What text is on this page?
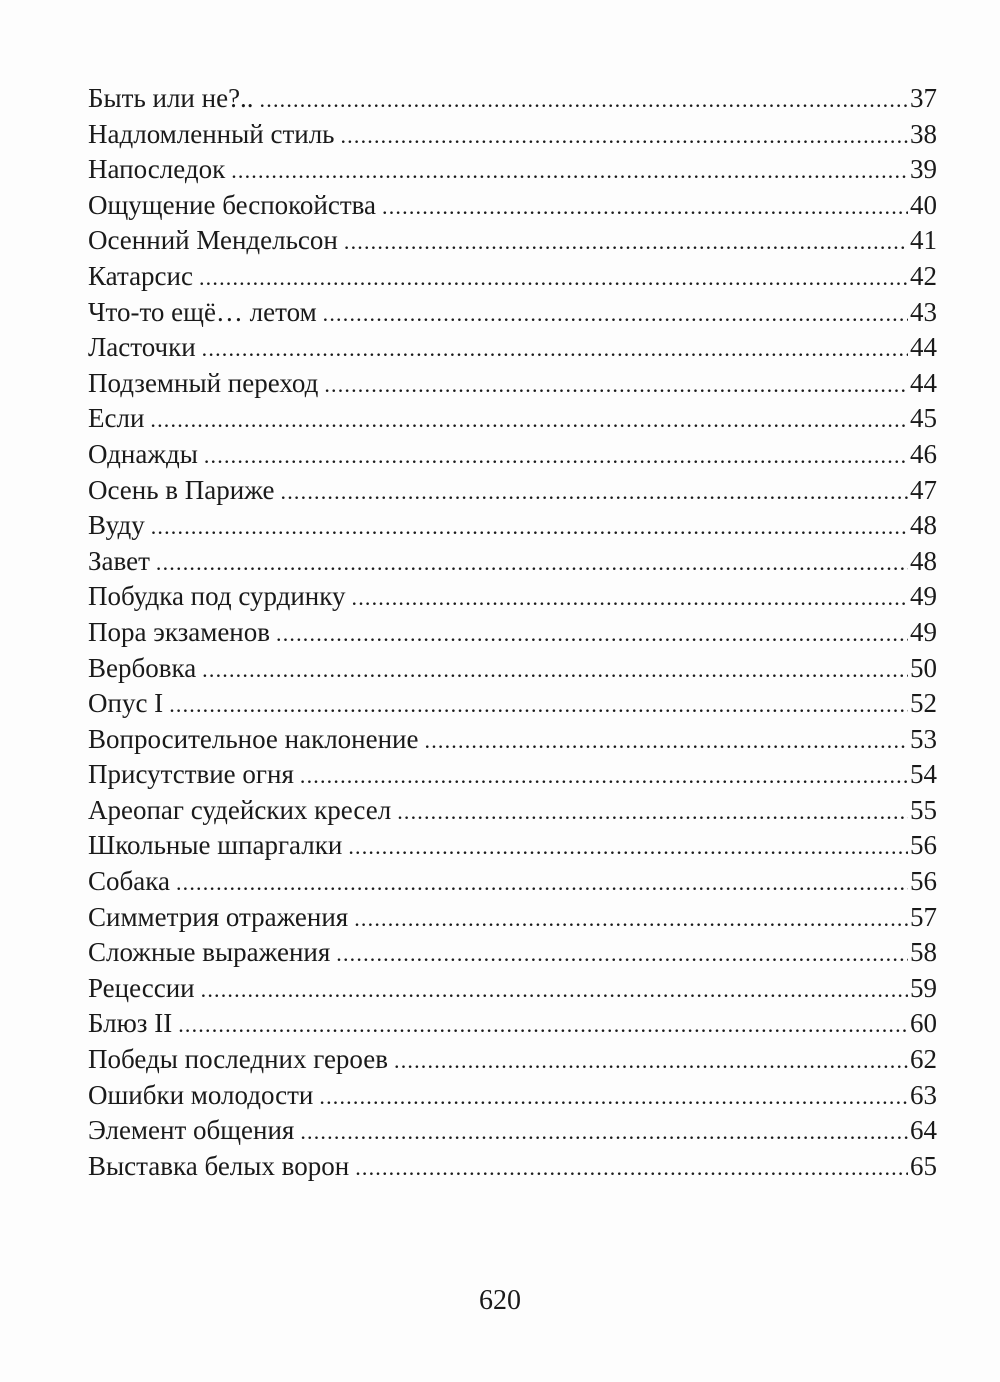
Быть или не?.. .....	37
Надломленный стиль .....	38
Напоследок .....	39
Ощущение беспокойства .....	40
Осенний Мендельсон .....	41
Катарсис .....	42
Что-то ещё… летом .....	43
Ласточки .....	44
Подземный переход .....	44
Если .....	45
Однажды .....	46
Осень в Париже .....	47
Вуду .....	48
Завет .....	48
Побудка под сурдинку .....	49
Пора экзаменов .....	49
Вербовка .....	50
Опус I .....	52
Вопросительное наклонение .....	53
Присутствие огня .....	54
Ареопаг судейских кресел .....	55
Школьные шпаргалки .....	56
Собака .....	56
Симметрия отражения .....	57
Сложные выражения .....	58
Рецессии .....	59
Блюз II .....	60
Победы последних героев .....	62
Ошибки молодости .....	63
Элемент общения .....	64
Выставка белых ворон .....	65
620
